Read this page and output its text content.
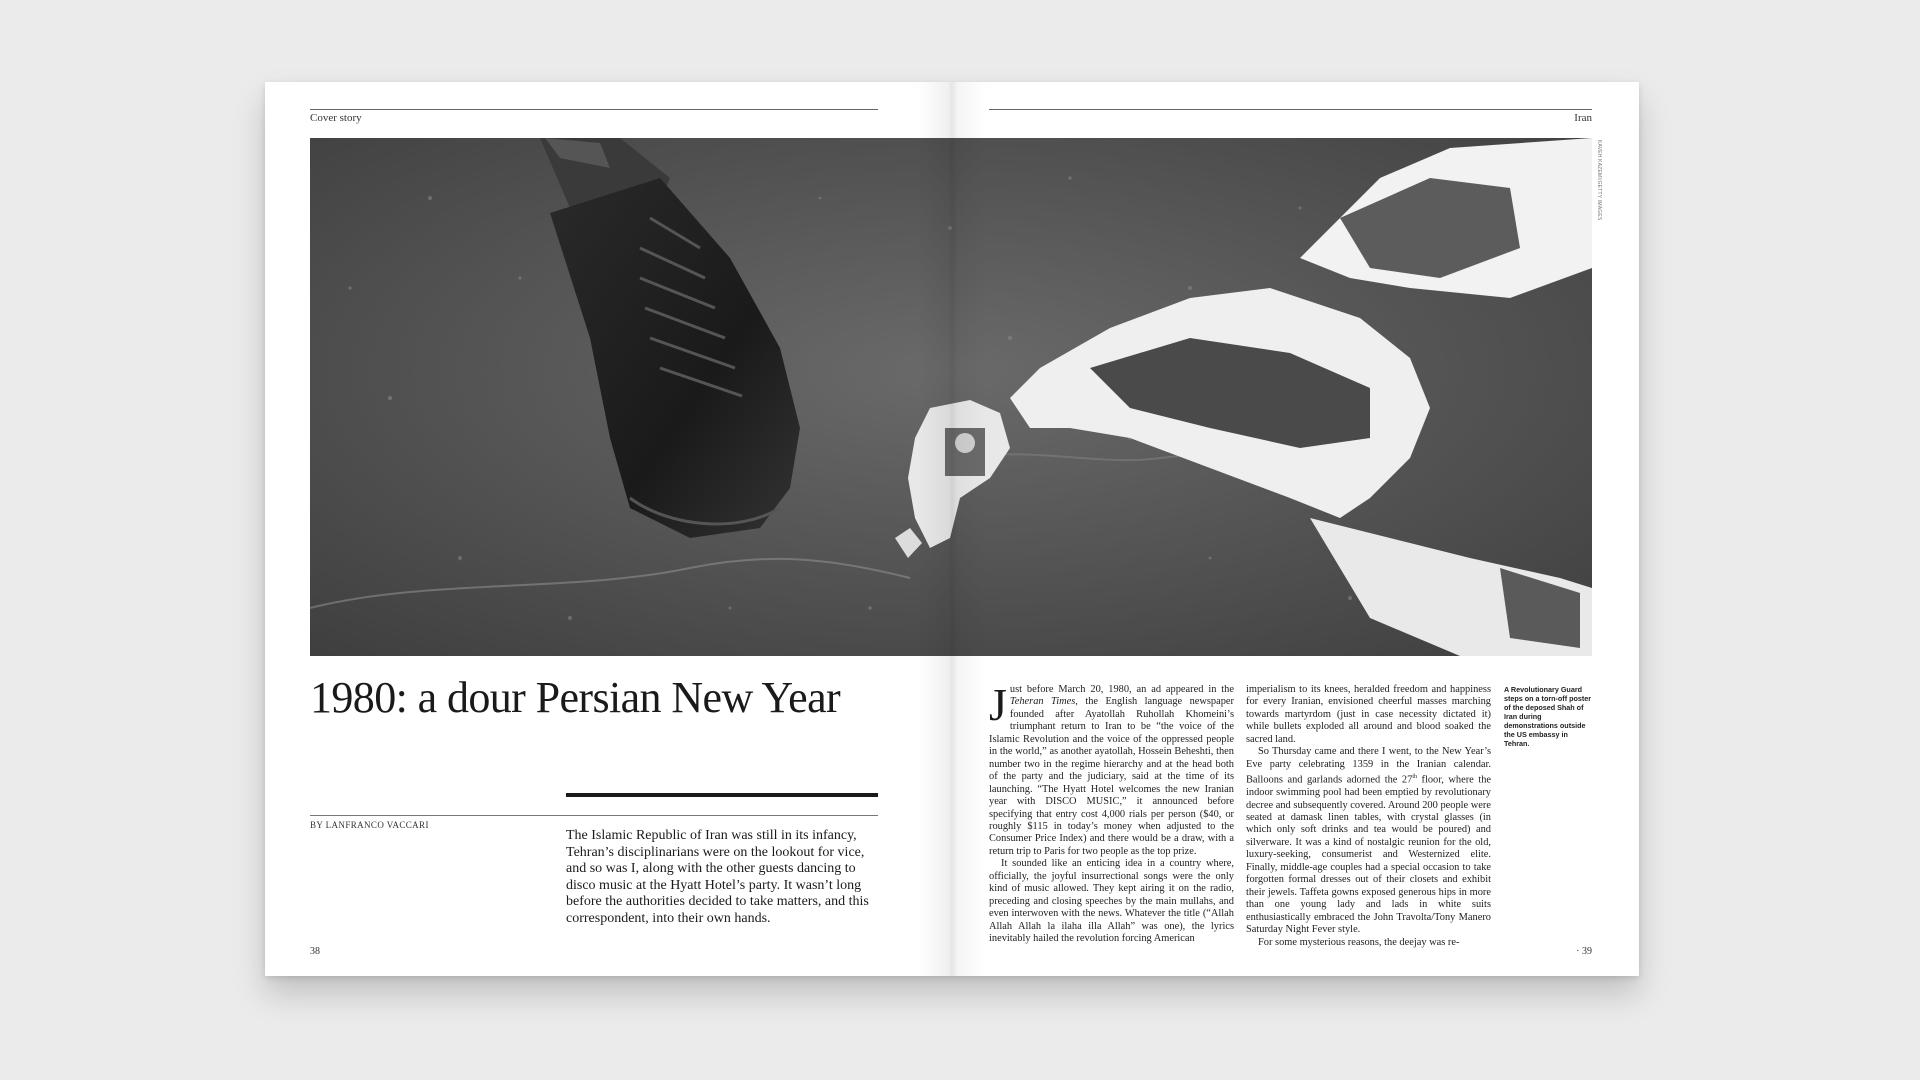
Cover story
1980: a dour Persian New Year
BY LANFRANCO VACCARI
The Islamic Republic of Iran was still in its infancy, Tehran’s disciplinarians were on the lookout for vice, and so was I, along with the other guests dancing to disco music at the Hyatt Hotel’s party. It wasn’t long before the authorities decided to take matters, and this correspondent, into their own hands.
38
Iran

Just before March 20, 1980, an ad appeared in the Teheran Times, the English language newspaper founded after Ayatollah Ruhollah Khomeini’s triumphant return to Iran to be “the voice of the Islamic Revolution and the voice of the oppressed people in the world,” as another ayatollah, Hossein Beheshti, then number two in the regime hierarchy and at the head both of the party and the judiciary, said at the time of its launching. “The Hyatt Hotel welcomes the new Iranian year with DISCO MUSIC,” it announced before specifying that entry cost 4,000 rials per person ($40, or roughly $115 in today’s money when adjusted to the Consumer Price Index) and there would be a draw, with a return trip to Paris for two people as the top prize.

It sounded like an enticing idea in a country where, officially, the joyful insurrectional songs were the only kind of music allowed. They kept airing it on the radio, preceding and closing speeches by the main mullahs, and even interwoven with the news. Whatever the title (“Allah Allah Allah la ilaha illa Allah” was one), the lyrics inevitably hailed the revolution forcing American

imperialism to its knees, heralded freedom and happiness for every Iranian, envisioned cheerful masses marching towards martyrdom (just in case necessity dictated it) while bullets exploded all around and blood soaked the sacred land.

So Thursday came and there I went, to the New Year’s Eve party celebrating 1359 in the Iranian calendar. Balloons and garlands adorned the 27th floor, where the indoor swimming pool had been emptied by revolutionary decree and subsequently covered. Around 200 people were seated at damask linen tables, with crystal glasses (in which only soft drinks and tea would be poured) and silverware. It was a kind of nostalgic reunion for the old, luxury-seeking, consumerist and Westernized elite. Finally, middle-age couples had a special occasion to take forgotten formal dresses out of their closets and exhibit their jewels. Taffeta gowns exposed generous hips in more than one young lady and lads in white suits enthusiastically embraced the John Travolta/Tony Manero Saturday Night Fever style.

For some mysterious reasons, the deejay was re-

A Revolutionary Guard steps on a torn-off poster of the deposed Shah of Iran during demonstrations outside the US embassy in Tehran.
· 39
KAVEH KAZEMI/GETTY IMAGES
